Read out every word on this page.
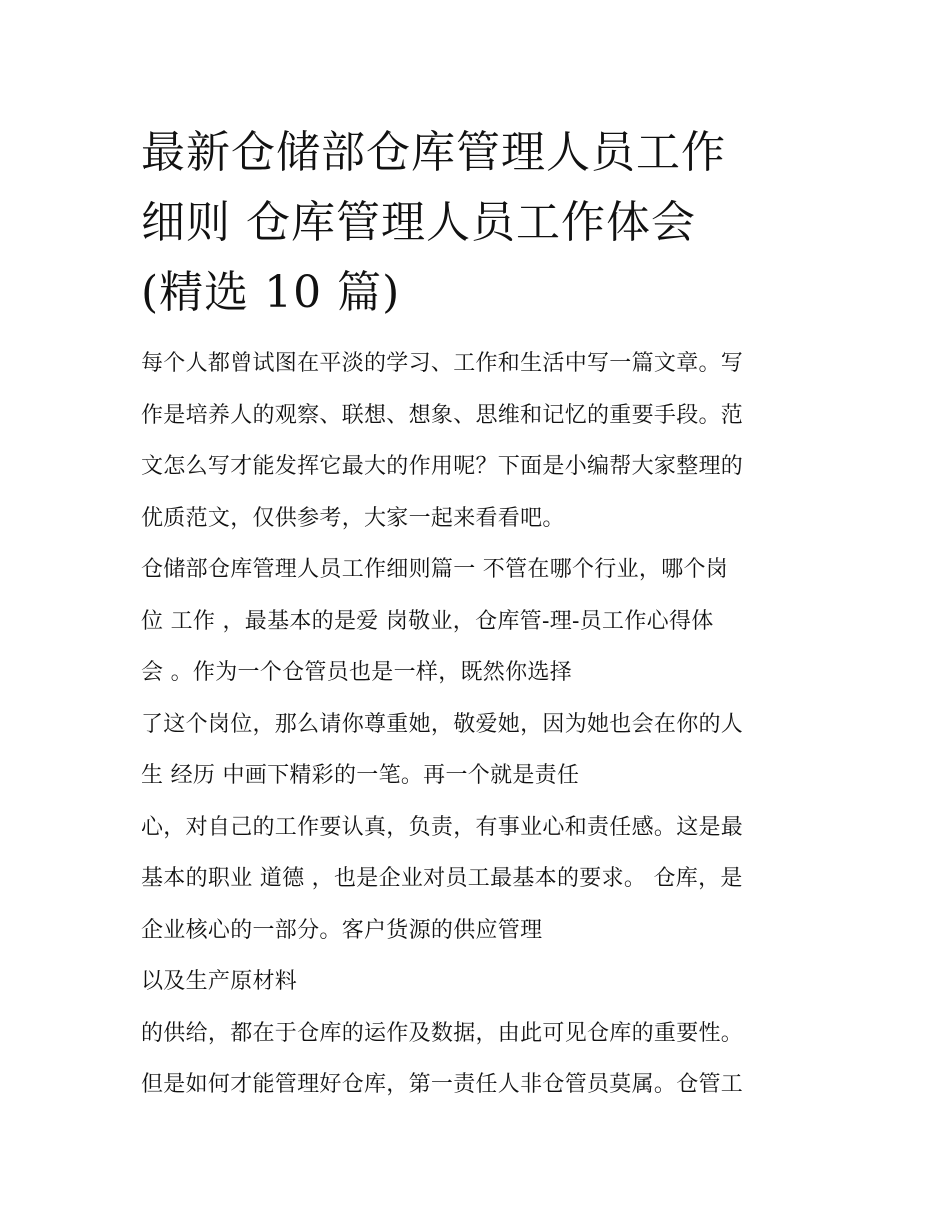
最新仓储部仓库管理人员工作
细则 仓库管理人员工作体会
(精选 10 篇)
每个人都曾试图在平淡的学习、工作和生活中写一篇文章。写
作是培养人的观察、联想、想象、思维和记忆的重要手段。范
文怎么写才能发挥它最大的作用呢？下面是小编帮大家整理的
优质范文，仅供参考，大家一起来看看吧。
仓储部仓库管理人员工作细则篇一 不管在哪个行业，哪个岗
位 工作 ，最基本的是爱 岗敬业，仓库管-理-员工作心得体
会 。作为一个仓管员也是一样，既然你选择
了这个岗位，那么请你尊重她，敬爱她，因为她也会在你的人
生 经历 中画下精彩的一笔。再一个就是责任
心，对自己的工作要认真，负责，有事业心和责任感。这是最
基本的职业 道德 ，也是企业对员工最基本的要求。 仓库，是
企业核心的一部分。客户货源的供应管理
以及生产原材料
的供给，都在于仓库的运作及数据，由此可见仓库的重要性。
但是如何才能管理好仓库，第一责任人非仓管员莫属。仓管工
